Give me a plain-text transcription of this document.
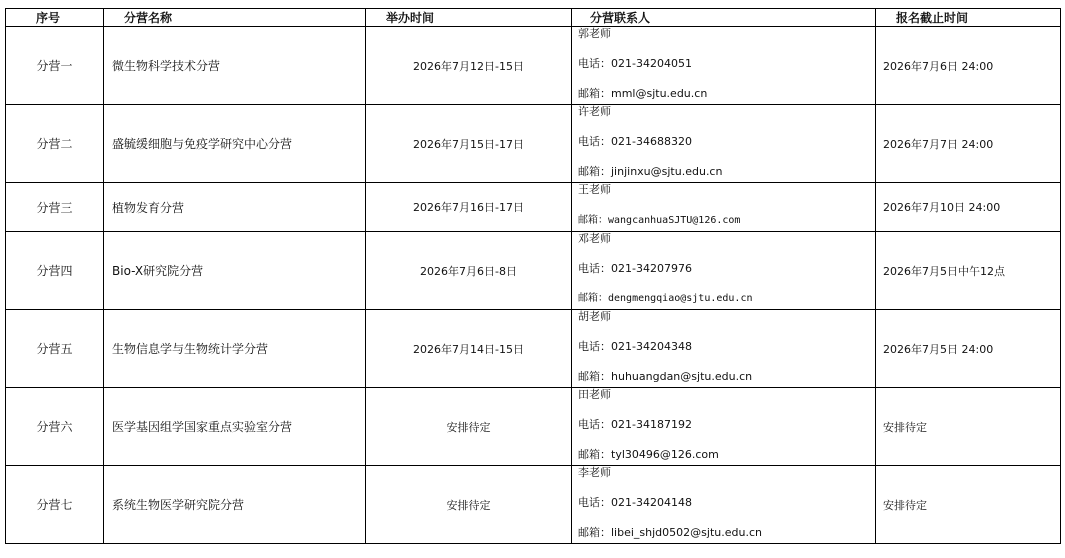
序号	分营名称	举办时间	分营联系人	报名截止时间
分营一	微生物科学技术分营	2026年7月12日-15日	郭老师
电话：021-34204051
邮箱：mml@sjtu.edu.cn	2026年7月6日 24:00
分营二	盛毓缓细胞与免疫学研究中心分营	2026年7月15日-17日	许老师
电话：021-34688320
邮箱：jinjinxu@sjtu.edu.cn	2026年7月7日 24:00
分营三	植物发育分营	2026年7月16日-17日	王老师
邮箱：wangcanhuaSJTU@126.com	2026年7月10日 24:00
分营四	Bio-X研究院分营	2026年7月6日-8日	邓老师
电话：021-34207976
邮箱：dengmengqiao@sjtu.edu.cn	2026年7月5日中午12点
分营五	生物信息学与生物统计学分营	2026年7月14日-15日	胡老师
电话：021-34204348
邮箱：huhuangdan@sjtu.edu.cn	2026年7月5日 24:00
分营六	医学基因组学国家重点实验室分营	安排待定	田老师
电话：021-34187192
邮箱：tyl30496@126.com	安排待定
分营七	系统生物医学研究院分营	安排待定	李老师
电话：021-34204148
邮箱：libei_shjd0502@sjtu.edu.cn	安排待定
